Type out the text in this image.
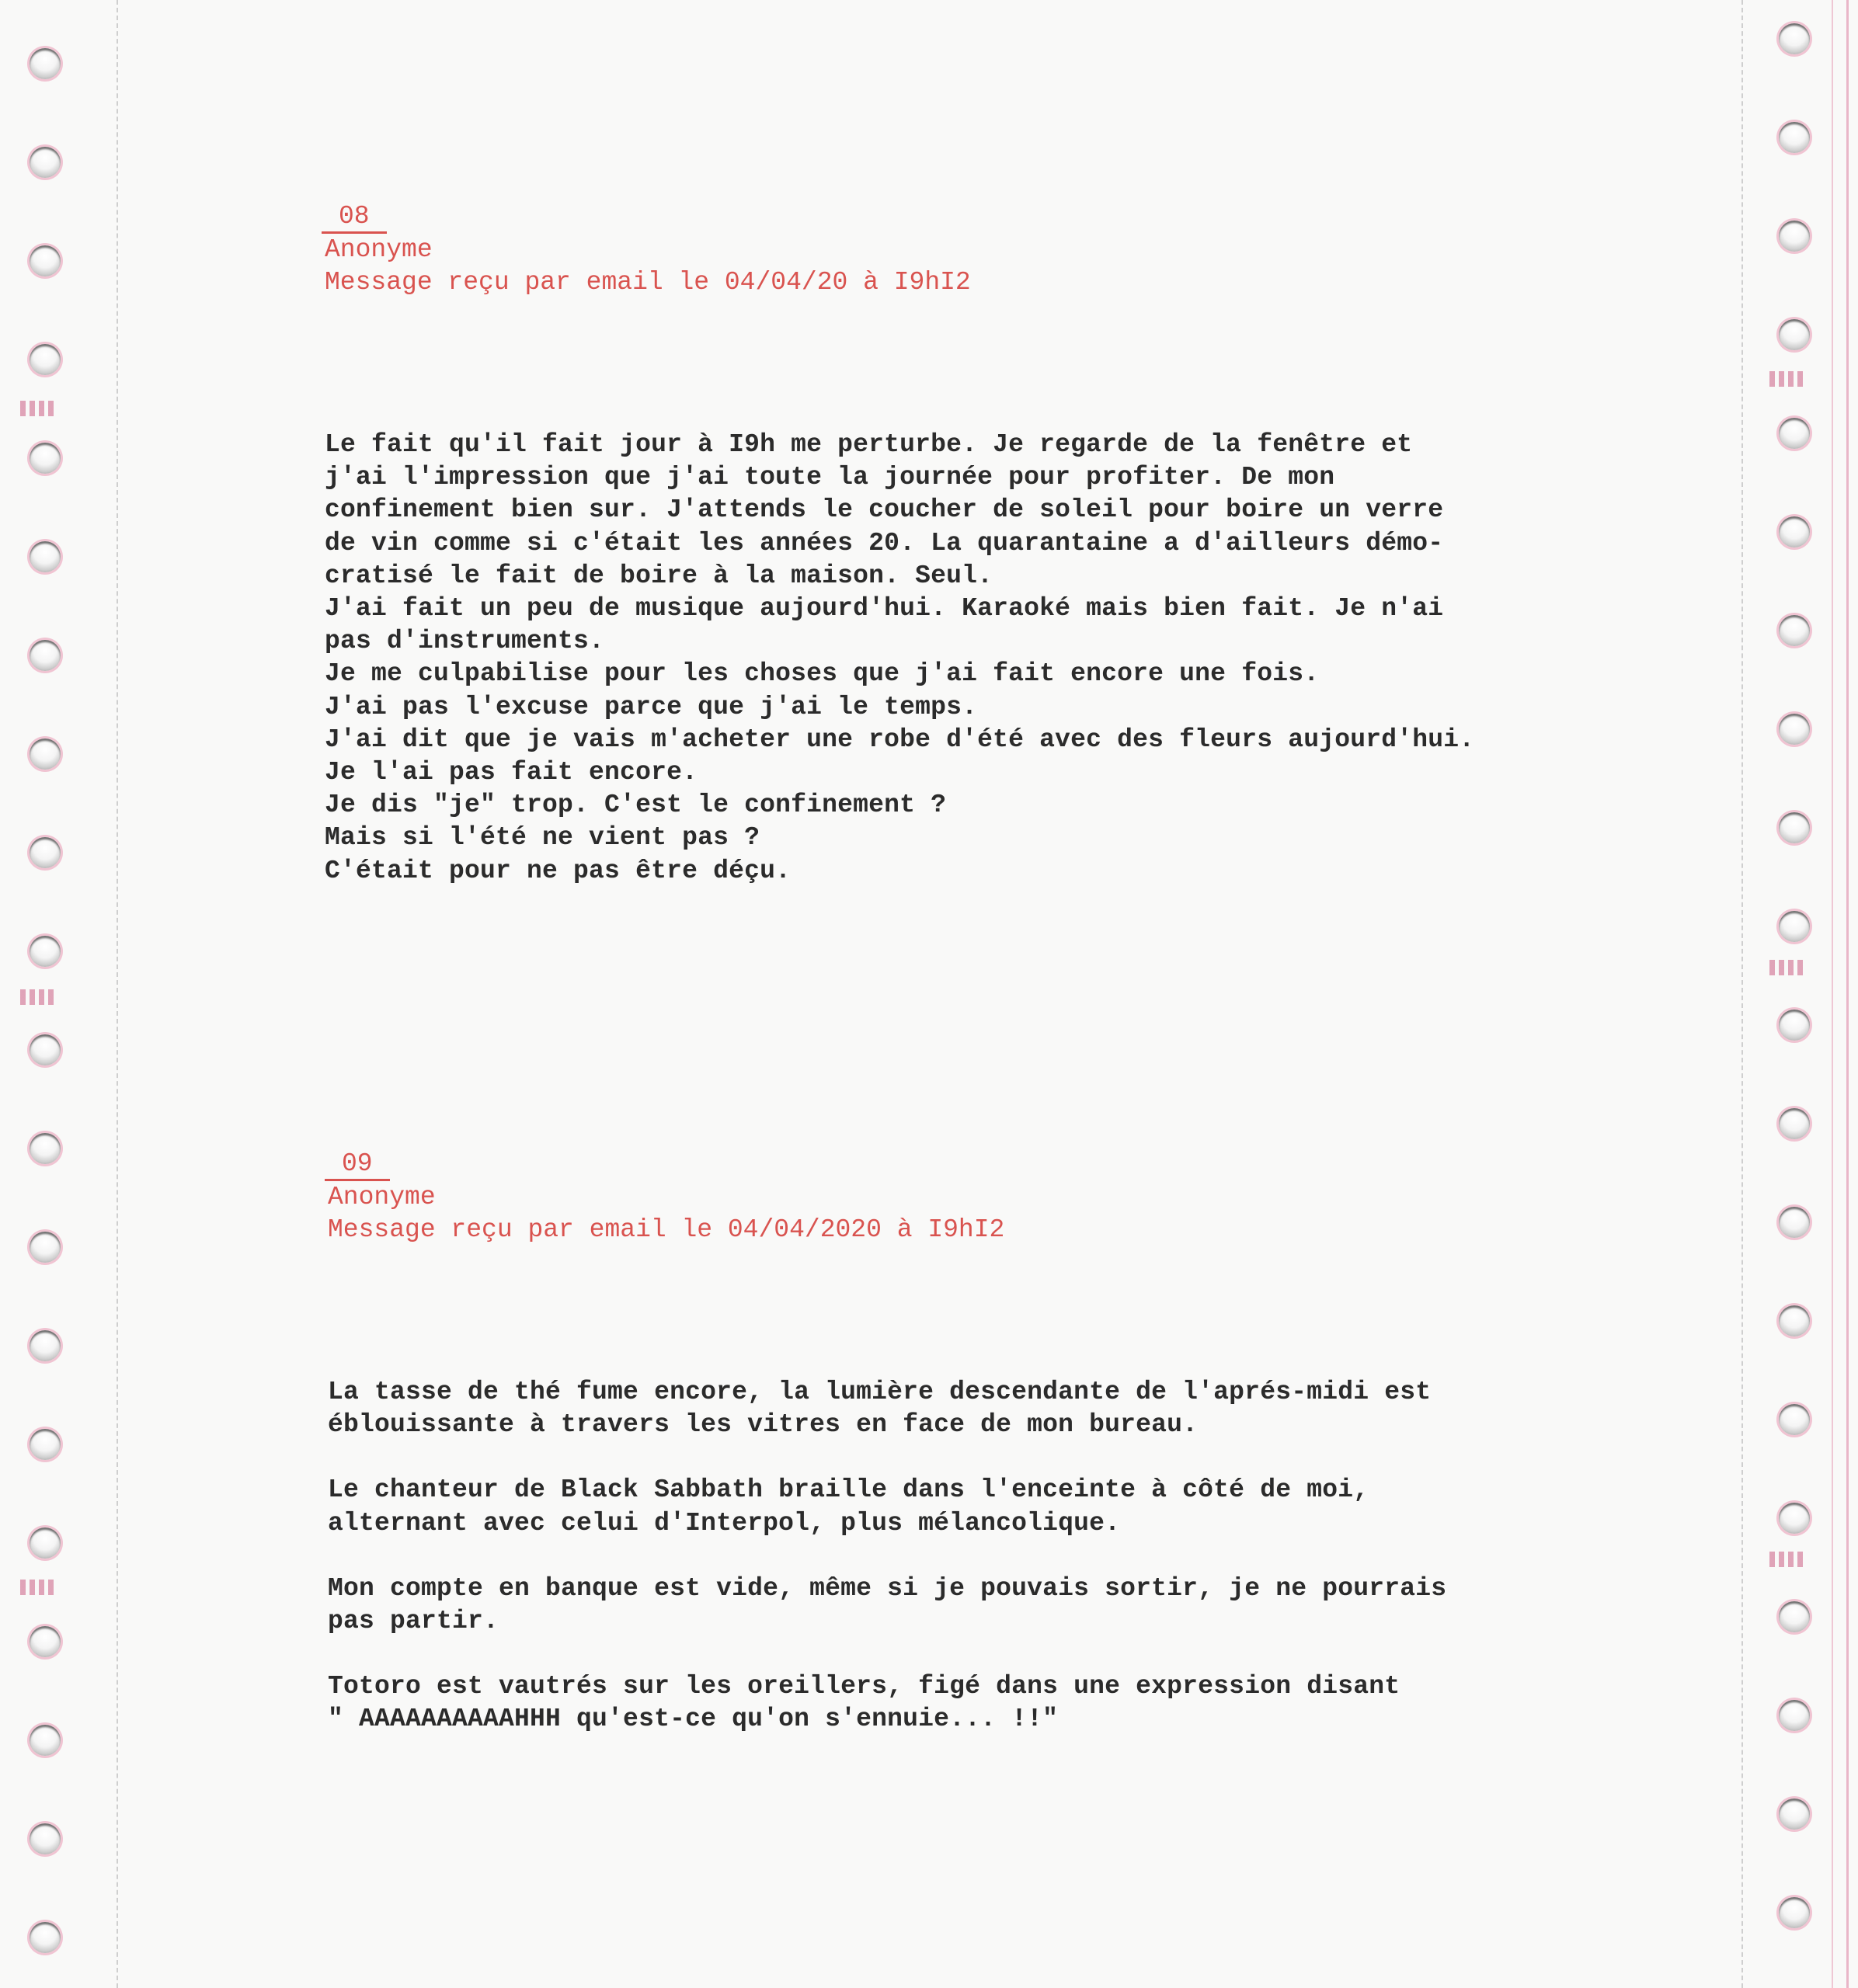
08

Anonyme

Message reçu par email le 04/04/20 à I9hI2

Le fait qu'il fait jour à I9h me perturbe. Je regarde de la fenêtre et

j'ai l'impression que j'ai toute la journée pour profiter. De mon

confinement bien sur. J'attends le coucher de soleil pour boire un verre

de vin comme si c'était les années 20. La quarantaine a d'ailleurs démo-

cratisé le fait de boire à la maison. Seul.

J'ai fait un peu de musique aujourd'hui. Karaoké mais bien fait. Je n'ai

pas d'instruments.

Je me culpabilise pour les choses que j'ai fait encore une fois.

J'ai pas l'excuse parce que j'ai le temps.

J'ai dit que je vais m'acheter une robe d'été avec des fleurs aujourd'hui.

Je l'ai pas fait encore.

Je dis "je" trop. C'est le confinement ?

Mais si l'été ne vient pas ?

C'était pour ne pas être déçu.

09

Anonyme

Message reçu par email le 04/04/2020 à I9hI2

La tasse de thé fume encore, la lumière descendante de l'aprés-midi est
éblouissante à travers les vitres en face de mon bureau.

Le chanteur de Black Sabbath braille dans l'enceinte à côté de moi,
alternant avec celui d'Interpol, plus mélancolique.

Mon compte en banque est vide, même si je pouvais sortir, je ne pourrais
pas partir.

Totoro est vautrés sur les oreillers, figé dans une expression disant
" AAAAAAAAAAHHH qu'est-ce qu'on s'ennuie... !!"
